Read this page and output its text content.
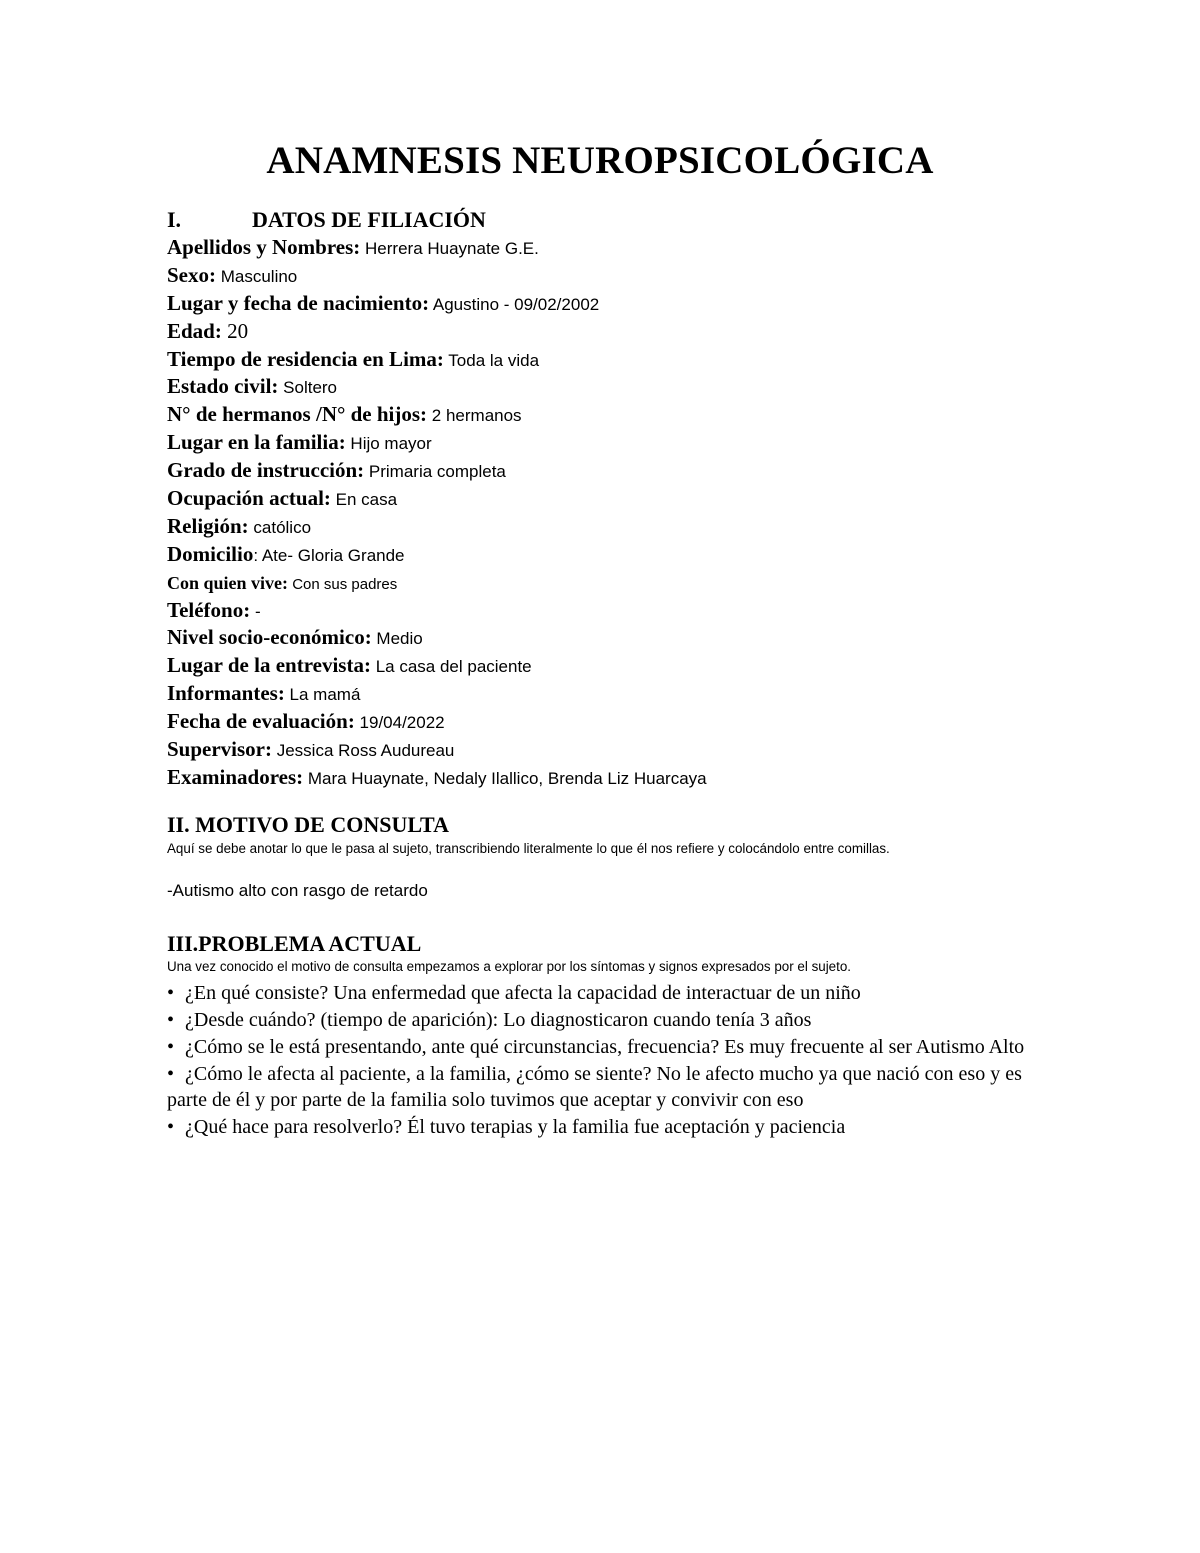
ANAMNESIS NEUROPSICOLÓGICA
I.	DATOS DE FILIACIÓN
Apellidos y Nombres: Herrera Huaynate G.E.
Sexo: Masculino
Lugar y fecha de nacimiento: Agustino - 09/02/2002
Edad: 20
Tiempo de residencia en Lima: Toda la vida
Estado civil: Soltero
N° de hermanos /N° de hijos: 2 hermanos
Lugar en la familia: Hijo mayor
Grado de instrucción: Primaria completa
Ocupación actual: En casa
Religión: católico
Domicilio: Ate- Gloria Grande
Con quien vive: Con sus padres
Teléfono: -
Nivel socio-económico: Medio
Lugar de la entrevista: La casa del paciente
Informantes: La mamá
Fecha de evaluación: 19/04/2022
Supervisor: Jessica Ross Audureau
Examinadores: Mara Huaynate, Nedaly Ilallico, Brenda Liz Huarcaya
II. MOTIVO DE CONSULTA
Aquí se debe anotar lo que le pasa al sujeto, transcribiendo literalmente lo que él nos refiere y colocándolo entre comillas.
-Autismo alto con rasgo de retardo
III.PROBLEMA ACTUAL
Una vez conocido el motivo de consulta empezamos a explorar por los síntomas y signos expresados por el sujeto.
• ¿En qué consiste? Una enfermedad que afecta la capacidad de interactuar de un niño
• ¿Desde cuándo? (tiempo de aparición): Lo diagnosticaron cuando tenía 3 años
• ¿Cómo se le está presentando, ante qué circunstancias, frecuencia? Es muy frecuente al ser Autismo Alto
• ¿Cómo le afecta al paciente, a la familia, ¿cómo se siente? No le afecto mucho ya que nació con eso y es parte de él y por parte de la familia solo tuvimos que aceptar y convivir con eso
• ¿Qué hace para resolverlo? Él tuvo terapias y la familia fue aceptación y paciencia
